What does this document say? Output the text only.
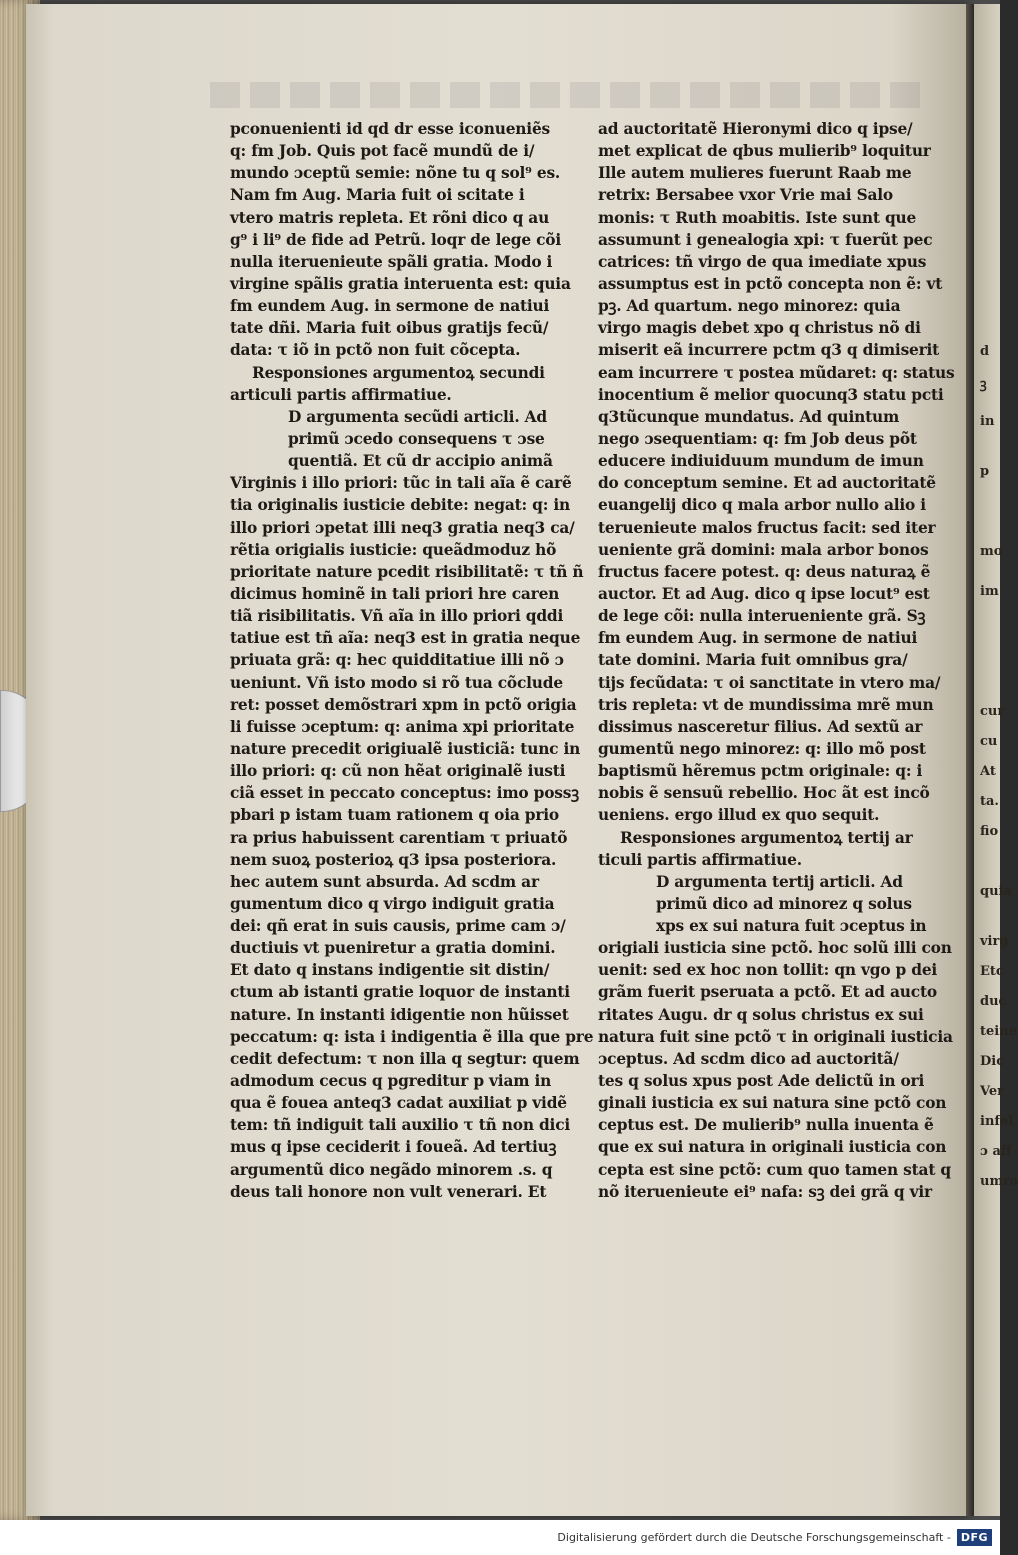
d
ꝫ
in
p
mo
im
cur
cu
At
ta.
fio
quia
virg
Etc
duc
teine
Dic
Ver
infel
ɔ aff
umra
pconuenienti id qd dr esse iconueniẽs
q: fm Job. Quis pot facẽ mundũ de i/
mundo ɔceptũ semie: nõne tu q sol⁹ es.
Nam fm Aug. Maria fuit oi scitate i
vtero matris repleta. Et rõni dico q au
g⁹ i li⁹ de fide ad Petrũ. loqr de lege cõi
nulla iteruenieute spãli gratia. Modo i
virgine spãlis gratia interuenta est: quia
fm eundem Aug. in sermone de natiui
tate dñi. Maria fuit oibus gratijs fecũ/
data: τ iõ in pctõ non fuit cõcepta.
Responsiones argumentoꝝ secundi
articuli partis affirmatiue.
D argumenta secũdi articli. Ad
primũ ɔcedo consequens τ ɔse
quentiã. Et cũ dr accipio animã
Virginis i illo priori: tũc in tali aĩa ẽ carẽ
tia originalis iusticie debite: negat: q: in
illo priori ɔpetat illi neq3 gratia neq3 ca/
rẽtia origialis iusticie: queãdmoduz hõ
prioritate nature pcedit risibilitatẽ: τ tñ ñ
dicimus hominẽ in tali priori hre caren
tiã risibilitatis. Vñ aĩa in illo priori qddi
tatiue est tñ aĩa: neq3 est in gratia neque
priuata grã: q: hec quidditatiue illi nõ ɔ
ueniunt. Vñ isto modo si rõ tua cõclude
ret: posset demõstrari xpm in pctõ origia
li fuisse ɔceptum: q: anima xpi prioritate
nature precedit origiualẽ iusticiã: tunc in
illo priori: q: cũ non hẽat originalẽ iusti
ciã esset in peccato conceptus: imo possꝫ
pbari p istam tuam rationem q oia prio
ra prius habuissent carentiam τ priuatõ
nem suoꝝ posterioꝝ q3 ipsa posteriora.
hec autem sunt absurda. Ad scdm ar
gumentum dico q virgo indiguit gratia
dei: qñ erat in suis causis, prime cam ɔ/
ductiuis vt pueniretur a gratia domini.
Et dato q instans indigentie sit distin/
ctum ab istanti gratie loquor de instanti
nature. In instanti idigentie non hũisset
peccatum: q: ista i indigentia ẽ illa que pre
cedit defectum: τ non illa q segtur: quem
admodum cecus q pgreditur p viam in
qua ẽ fouea anteq3 cadat auxiliat p vidẽ
tem: tñ indiguit tali auxilio τ tñ non dici
mus q ipse ceciderit i foueã. Ad tertiuꝫ
argumentũ dico negãdo minorem .s. q
deus tali honore non vult venerari. Et
ad auctoritatẽ Hieronymi dico q ipse/
met explicat de qbus mulierib⁹ loquitur
Ille autem mulieres fuerunt Raab me
retrix: Bersabee vxor Vrie mai Salo
monis: τ Ruth moabitis. Iste sunt que
assumunt i genealogia xpi: τ fuerũt pec
catrices: tñ virgo de qua imediate xpus
assumptus est in pctõ concepta non ẽ: vt
pꝫ. Ad quartum. nego minorez: quia
virgo magis debet xpo q christus nõ di
miserit eã incurrere pctm q3 q dimiserit
eam incurrere τ postea mũdaret: q: status
inocentium ẽ melior quocunq3 statu pcti
q3tũcunque mundatus. Ad quintum
nego ɔsequentiam: q: fm Job deus põt
educere indiuiduum mundum de imun
do conceptum semine. Et ad auctoritatẽ
euangelij dico q mala arbor nullo alio i
teruenieute malos fructus facit: sed iter
ueniente grã domini: mala arbor bonos
fructus facere potest. q: deus naturaꝝ ẽ
auctor. Et ad Aug. dico q ipse locut⁹ est
de lege cõi: nulla interueniente grã. Sꝫ
fm eundem Aug. in sermone de natiui
tate domini. Maria fuit omnibus gra/
tijs fecũdata: τ oi sanctitate in vtero ma/
tris repleta: vt de mundissima mrẽ mun
dissimus nasceretur filius. Ad sextũ ar
gumentũ nego minorez: q: illo mõ post
baptismũ hẽremus pctm originale: q: i
nobis ẽ sensuũ rebellio. Hoc ãt est incõ
ueniens. ergo illud ex quo sequit.
Responsiones argumentoꝝ tertij ar
ticuli partis affirmatiue.
D argumenta tertij articli. Ad
primũ dico ad minorez q solus
xps ex sui natura fuit ɔceptus in
origiali iusticia sine pctõ. hoc solũ illi con
uenit: sed ex hoc non tollit: qn vgo p dei
grãm fuerit pseruata a pctõ. Et ad aucto
ritates Augu. dr q solus christus ex sui
natura fuit sine pctõ τ in originali iusticia
ɔceptus. Ad scdm dico ad auctoritã/
tes q solus xpus post Ade delictũ in ori
ginali iusticia ex sui natura sine pctõ con
ceptus est. De mulierib⁹ nulla inuenta ẽ
que ex sui natura in originali iusticia con
cepta est sine pctõ: cum quo tamen stat q
nõ iteruenieute ei⁹ nafa: sꝫ dei grã q vir
Digitalisierung gefördert durch die Deutsche Forschungsgemeinschaft - DFG
